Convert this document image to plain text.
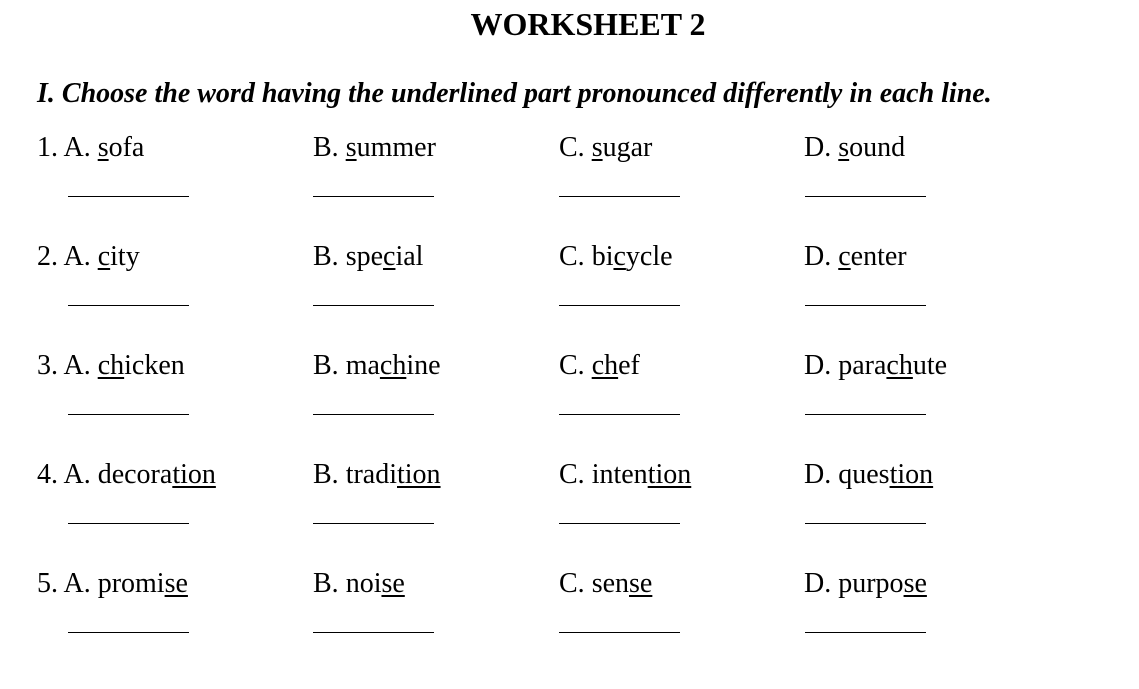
WORKSHEET 2
I. Choose the word having the underlined part pronounced differently in each line.
1. A. sofa	B. summer	C. sugar	D. sound
2. A. city	B. special	C. bicycle	D. center
3. A. chicken	B. machine	C. chef	D. parachute
4. A. decoration	B. tradition	C. intention	D. question
5. A. promise	B. noise	C. sense	D. purpose
